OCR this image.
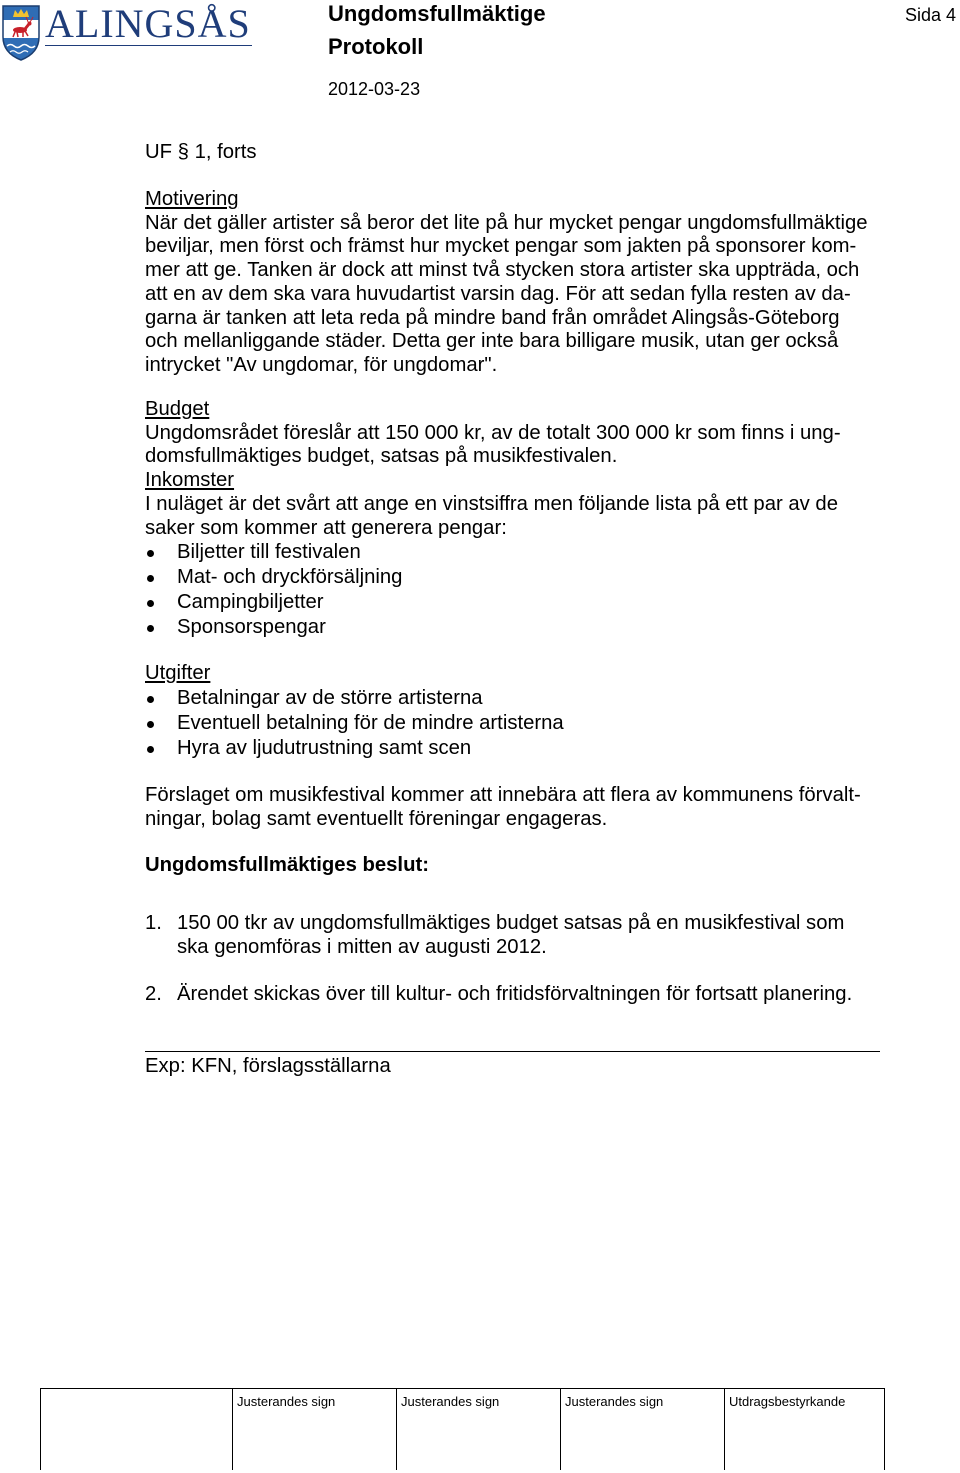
ALINGSÅS	Ungdomsfullmäktige
Protokoll
2012-03-23
Sida 4
UF § 1, forts
Motivering
När det gäller artister så beror det lite på hur mycket pengar ungdomsfullmäktige
beviljar, men först och främst hur mycket pengar som jakten på sponsorer kom-
mer att ge. Tanken är dock att minst två stycken stora artister ska uppträda, och
att en av dem ska vara huvudartist varsin dag. För att sedan fylla resten av da-
garna är tanken att leta reda på mindre band från området Alingsås-Göteborg
och mellanliggande städer. Detta ger inte bara billigare musik, utan ger också
intrycket "Av ungdomar, för ungdomar".
Budget
Ungdomsrådet föreslår att 150 000 kr, av de totalt 300 000 kr som finns i ung-
domsfullmäktiges budget, satsas på musikfestivalen.
Inkomster
I nuläget är det svårt att ange en vinstsiffra men följande lista på ett par av de
saker som kommer att generera pengar:
Biljetter till festivalen
Mat- och dryckförsäljning
Campingbiljetter
Sponsorspengar
Utgifter
Betalningar av de större artisterna
Eventuell betalning för de mindre artisterna
Hyra av ljudutrustning samt scen
Förslaget om musikfestival kommer att innebära att flera av kommunens förvalt-
ningar, bolag samt eventuellt föreningar engageras.
Ungdomsfullmäktiges beslut:
1. 150 00 tkr av ungdomsfullmäktiges budget satsas på en musikfestival som
ska genomföras i mitten av augusti 2012.
2. Ärendet skickas över till kultur- och fritidsförvaltningen för fortsatt planering.
Exp: KFN, förslagsställarna
Justerandes sign	Justerandes sign	Justerandes sign	Utdragsbestyrkande
